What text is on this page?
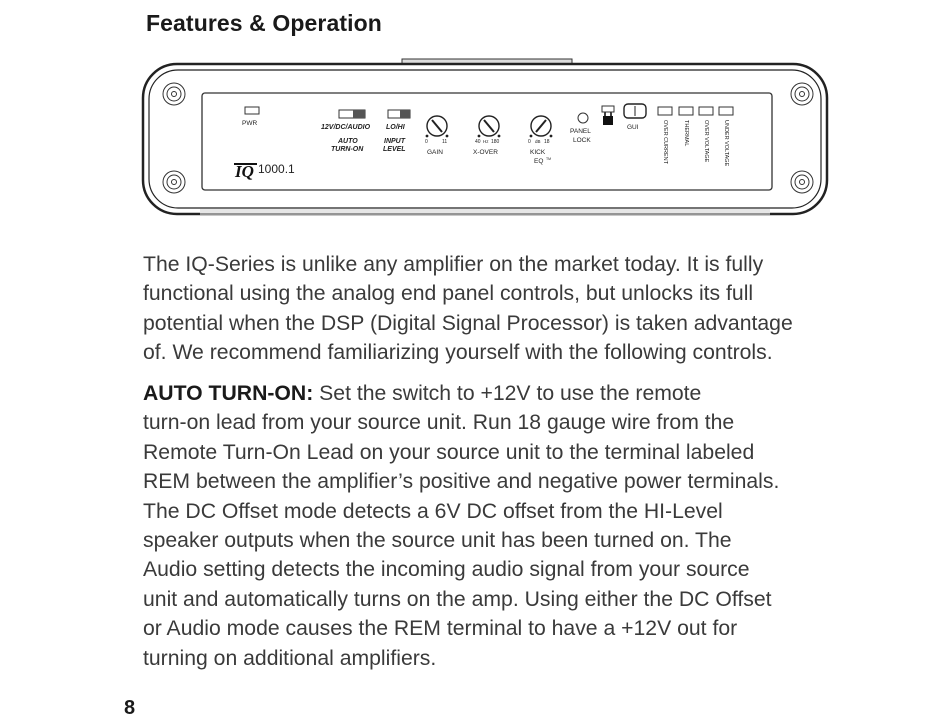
Features & Operation
IQ
PWR
12V/DC/AUDIO
AUTO
TURN-ON
LO/HI
INPUT
LEVEL
0	11
GAIN
40 Hz 180
X-OVER
0 dB 18
KICK
EQ TM
PANEL
LOCK
GUI	OVER CURRENT	THERMAL	OVER VOLTAGE	UNDER VOLTAGE
1000.1
The IQ-Series is unlike any amplifier on the market today. It is fully
functional using the analog end panel controls, but unlocks its full
potential when the DSP (Digital Signal Processor) is taken advantage
of. We recommend familiarizing yourself with the following controls.
AUTO TURN-ON: Set the switch to +12V to use the remote
turn-on lead from your source unit. Run 18 gauge wire from the
Remote Turn-On Lead on your source unit to the terminal labeled
REM between the amplifier’s positive and negative power terminals.
The DC Offset mode detects a 6V DC offset from the HI-Level
speaker outputs when the source unit has been turned on. The
Audio setting detects the incoming audio signal from your source
unit and automatically turns on the amp. Using either the DC Offset
or Audio mode causes the REM terminal to have a +12V out for
turning on additional amplifiers.
8
